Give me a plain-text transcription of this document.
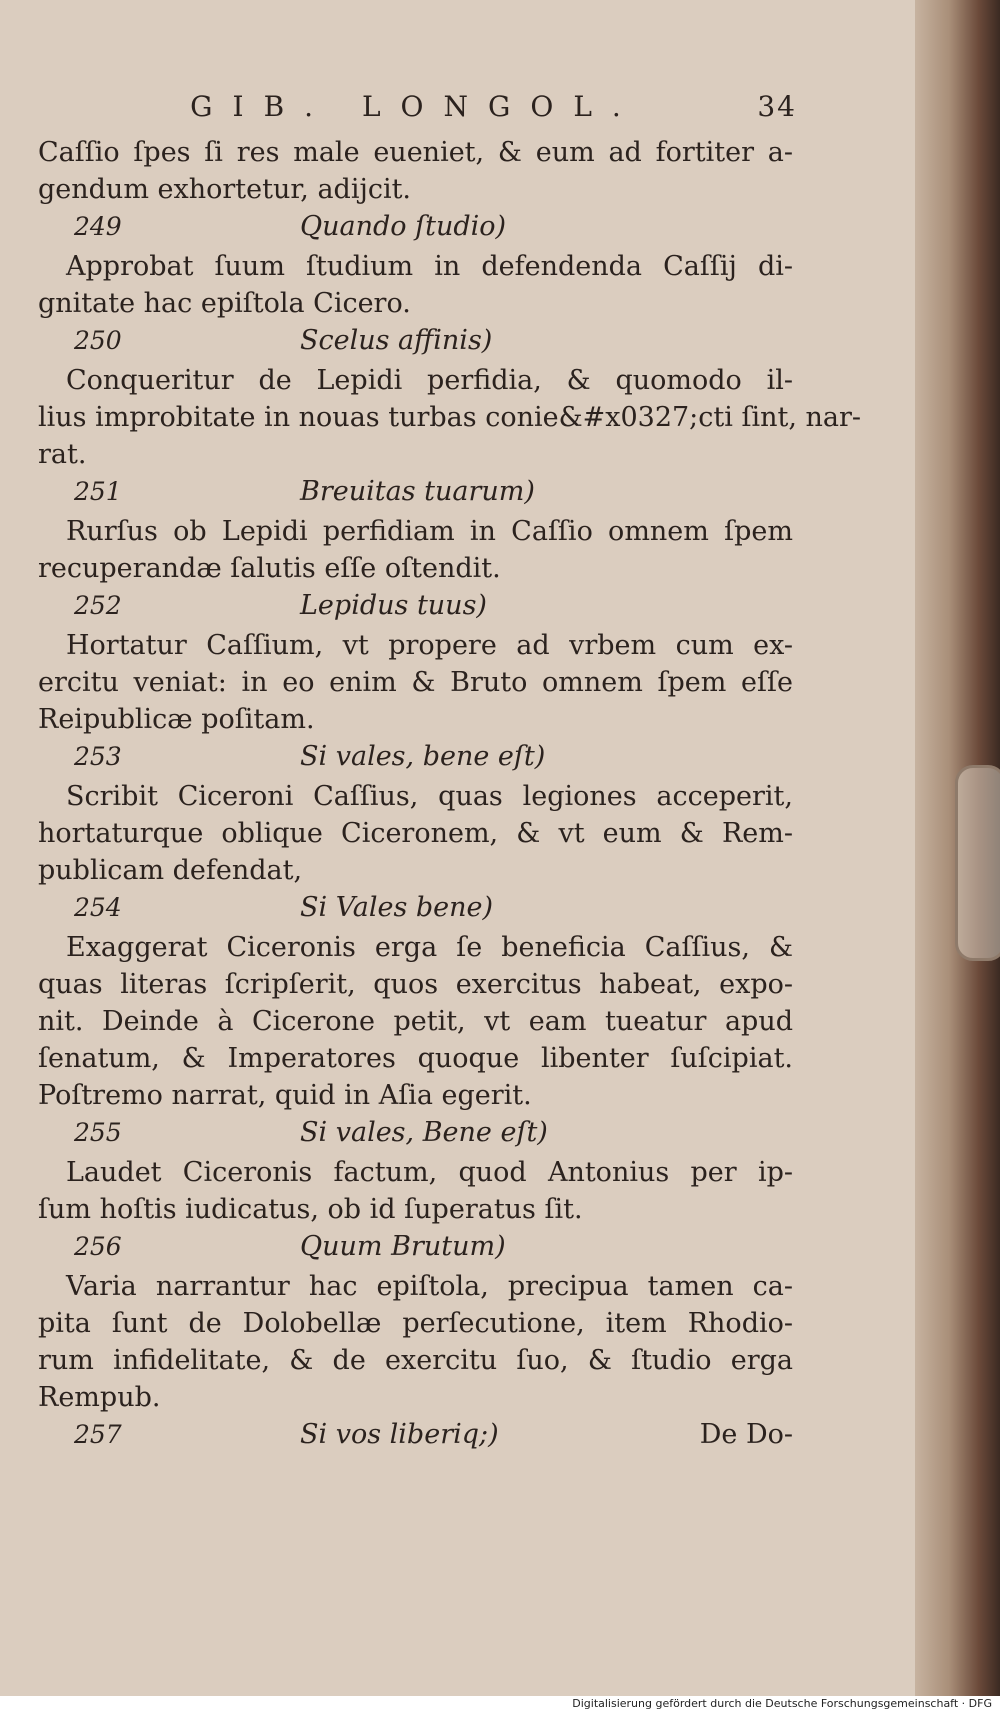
GIB. LONGOL.	34
Caſſio ſpes ſi res male eueniet, & eum ad fortiter a-
gendum exhortetur, adijcit.
249	Quando ſtudio)
Approbat ſuum ſtudium in defendenda Caſſij di-
gnitate hac epiſtola Cicero.
250	Scelus affinis)
Conqueritur de Lepidi perfidia, & quomodo il-
lius improbitate in nouas turbas conie&#x0327;cti ſint, nar-
rat.
251	Breuitas tuarum)
Rurſus ob Lepidi perfidiam in Caſſio omnem ſpem
recuperandæ ſalutis eſſe oſtendit.
252	Lepidus tuus)
Hortatur Caſſium, vt propere ad vrbem cum ex-
ercitu veniat: in eo enim & Bruto omnem ſpem eſſe
Reipublicæ poſitam.
253	Si vales, bene eſt)
Scribit Ciceroni Caſſius, quas legiones acceperit,
hortaturque oblique Ciceronem, & vt eum & Rem-
publicam defendat,
254	Si Vales bene)
Exaggerat Ciceronis erga ſe beneficia Caſſius, &
quas literas ſcripſerit, quos exercitus habeat, expo-
nit. Deinde à Cicerone petit, vt eam tueatur apud
ſenatum, & Imperatores quoque libenter ſuſcipiat.
Poſtremo narrat, quid in Aſia egerit.
255	Si vales, Bene eſt)
Laudet Ciceronis factum, quod Antonius per ip-
ſum hoſtis iudicatus, ob id ſuperatus ſit.
256	Quum Brutum)
Varia narrantur hac epiſtola, precipua tamen ca-
pita ſunt de Dolobellæ perſecutione, item Rhodio-
rum infidelitate, & de exercitu ſuo, & ſtudio erga
Rempub.
257	Si vos liberiq;)	De Do-
Digitalisierung gefördert durch die Deutsche Forschungsgemeinschaft · DFG
